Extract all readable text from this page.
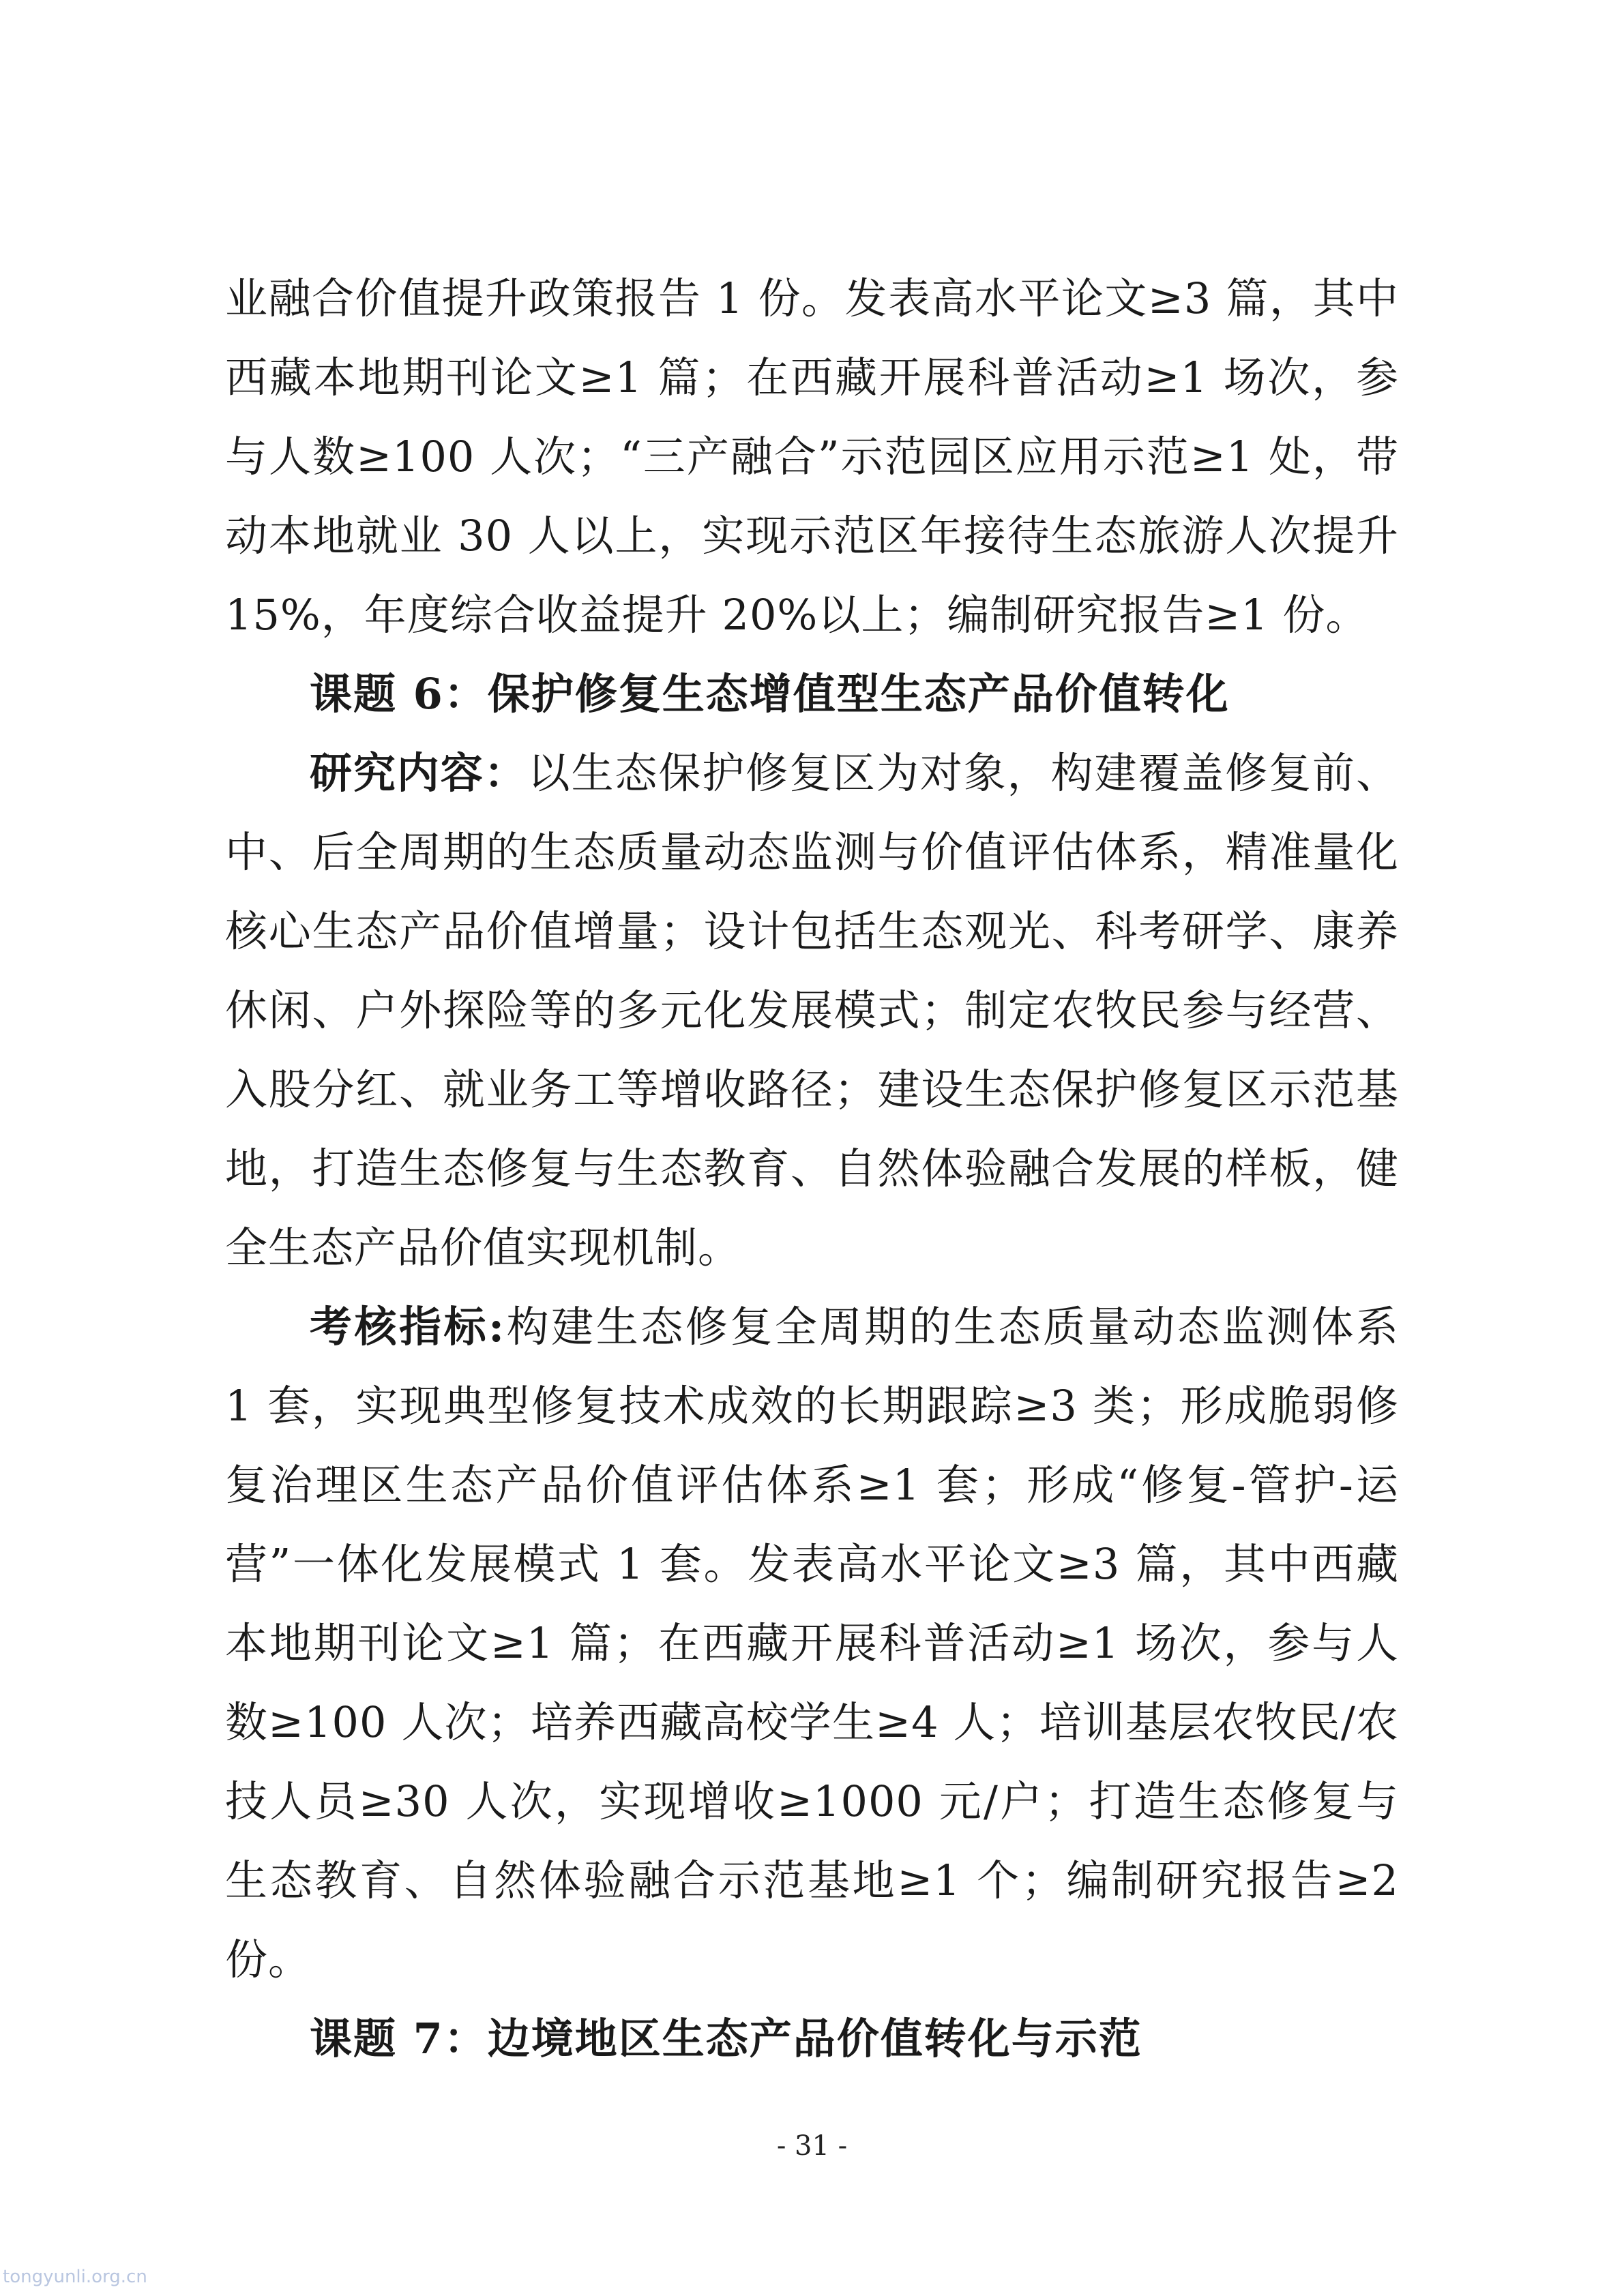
业融合价值提升政策报告 1 份。发表高水平论文≥3 篇，其中西藏本地期刊论文≥1 篇；在西藏开展科普活动≥1 场次，参与人数≥100 人次；“三产融合”示范园区应用示范≥1 处，带动本地就业 30 人以上，实现示范区年接待生态旅游人次提升 15%，年度综合收益提升 20%以上；编制研究报告≥1 份。

课题 6：保护修复生态增值型生态产品价值转化

研究内容：以生态保护修复区为对象，构建覆盖修复前、中、后全周期的生态质量动态监测与价值评估体系，精准量化核心生态产品价值增量；设计包括生态观光、科考研学、康养休闲、户外探险等的多元化发展模式；制定农牧民参与经营、入股分红、就业务工等增收路径；建设生态保护修复区示范基地，打造生态修复与生态教育、自然体验融合发展的样板，健全生态产品价值实现机制。

考核指标:构建生态修复全周期的生态质量动态监测体系 1 套，实现典型修复技术成效的长期跟踪≥3 类；形成脆弱修复治理区生态产品价值评估体系≥1 套；形成“修复-管护-运营”一体化发展模式 1 套。发表高水平论文≥3 篇，其中西藏本地期刊论文≥1 篇；在西藏开展科普活动≥1 场次，参与人数≥100 人次；培养西藏高校学生≥4 人；培训基层农牧民/农技人员≥30 人次，实现增收≥1000 元/户；打造生态修复与生态教育、自然体验融合示范基地≥1 个；编制研究报告≥2 份。

课题 7：边境地区生态产品价值转化与示范

- 31 -
tongyunli.org.cn
